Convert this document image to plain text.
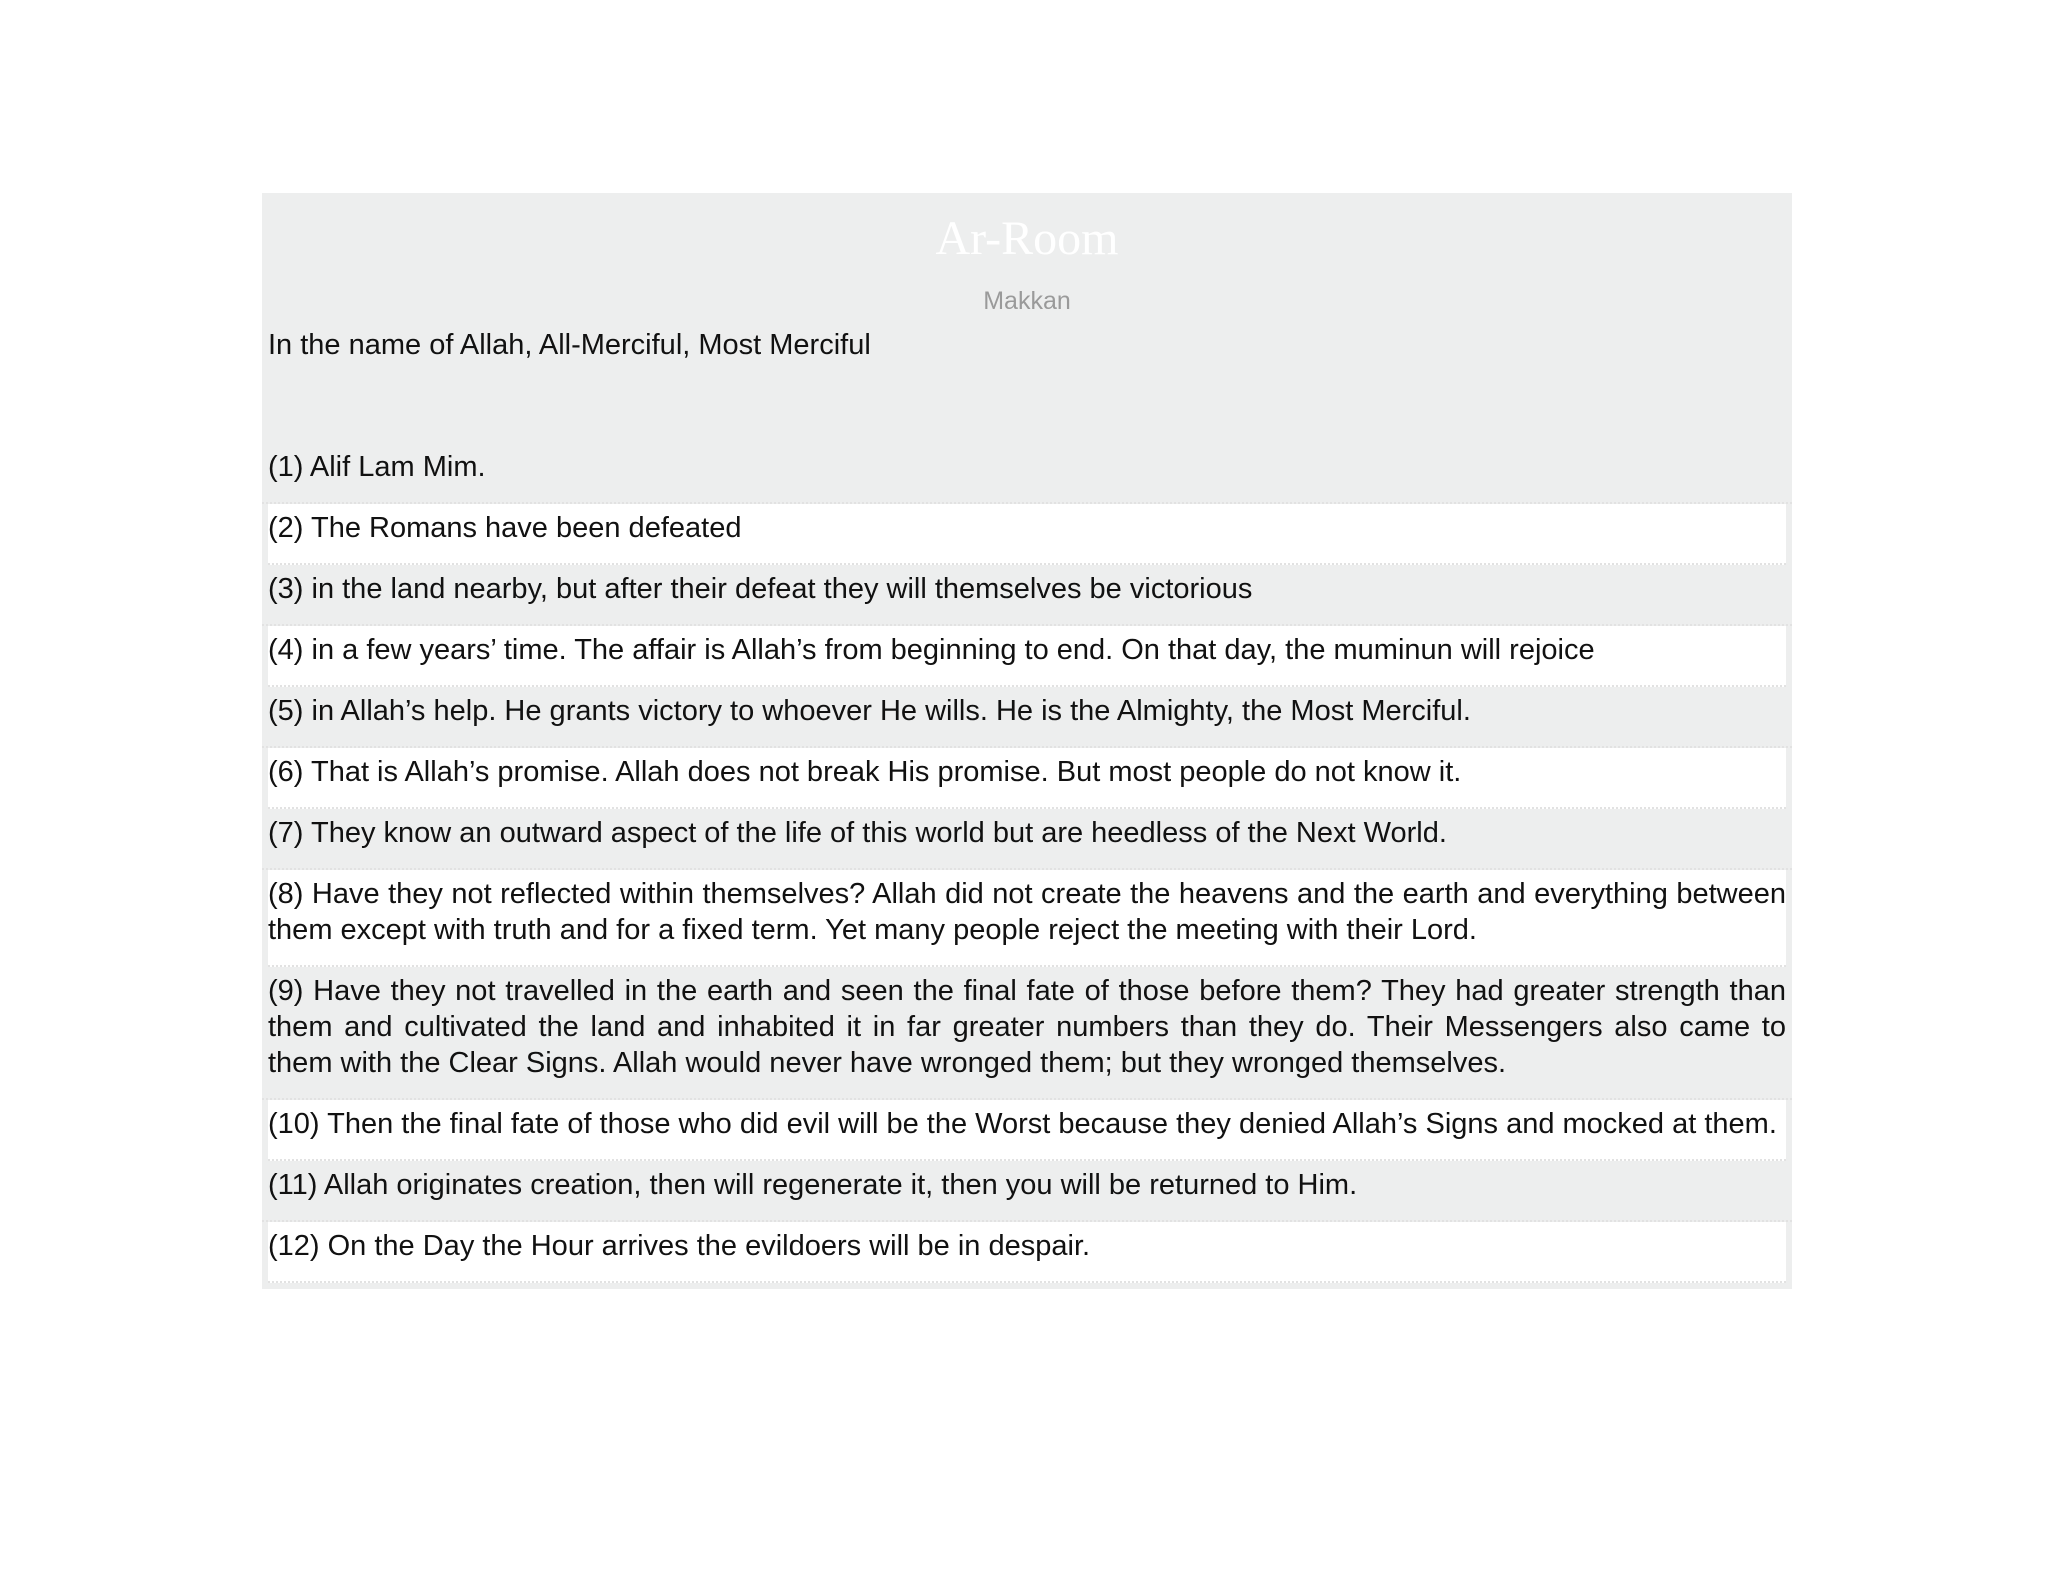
Ar-Room
Makkan
In the name of Allah, All-Merciful, Most Merciful
(1) Alif Lam Mim.
(2) The Romans have been defeated
(3) in the land nearby, but after their defeat they will themselves be victorious
(4) in a few years’ time. The affair is Allah’s from beginning to end. On that day, the muminun will rejoice
(5) in Allah’s help. He grants victory to whoever He wills. He is the Almighty, the Most Merciful.
(6) That is Allah’s promise. Allah does not break His promise. But most people do not know it.
(7) They know an outward aspect of the life of this world but are heedless of the Next World.
(8) Have they not reflected within themselves? Allah did not create the heavens and the earth and everything between them except with truth and for a fixed term. Yet many people reject the meeting with their Lord.
(9) Have they not travelled in the earth and seen the final fate of those before them? They had greater strength than them and cultivated the land and inhabited it in far greater numbers than they do. Their Messengers also came to them with the Clear Signs. Allah would never have wronged them; but they wronged themselves.
(10) Then the final fate of those who did evil will be the Worst because they denied Allah’s Signs and mocked at them.
(11) Allah originates creation, then will regenerate it, then you will be returned to Him.
(12) On the Day the Hour arrives the evildoers will be in despair.
